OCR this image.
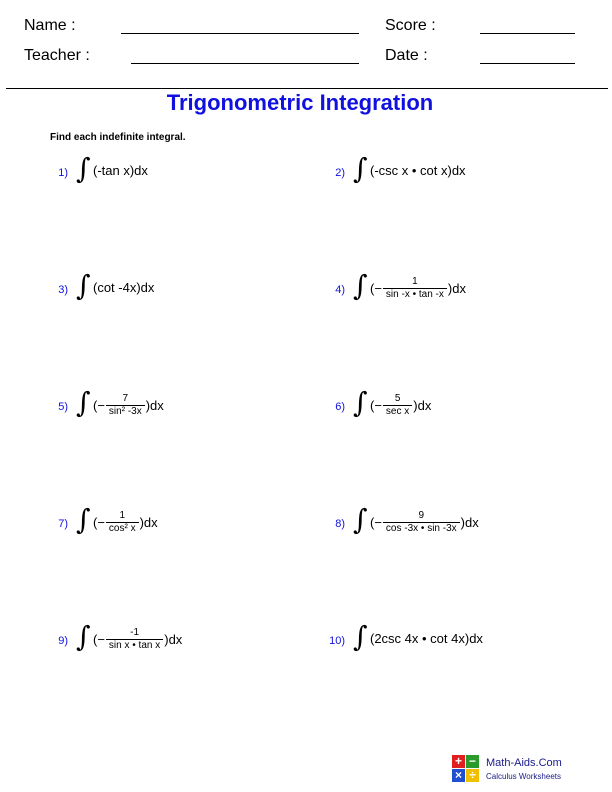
Name :	Score :
Teacher :	Date :
Trigonometric Integration
Find each indefinite integral.
1) ∫ (-tan x)dx	2) ∫ (-csc x • cot x)dx
3) ∫ (cot -4x)dx	4) ∫ (− $\frac{1}{\sin -x • \tan -x} )dx$
5) ∫ (− $\frac{7}{\text{sin² -3x}} )dx$	6) ∫ (− $\frac{5}{\text{sec x}} )dx$
7) ∫ (− $\frac{1}{\text{cos² x}} )dx$	8) ∫ (− $\frac{9}{\cos -3x • \sin -3x} )dx$
9) ∫ (− $\frac{-1}{\text{sin x • tan x}} )dx$	10) ∫ (2csc 4x • cot 4x)dx
+ −
× ÷
Math-Aids.Com
Calculus Worksheets
